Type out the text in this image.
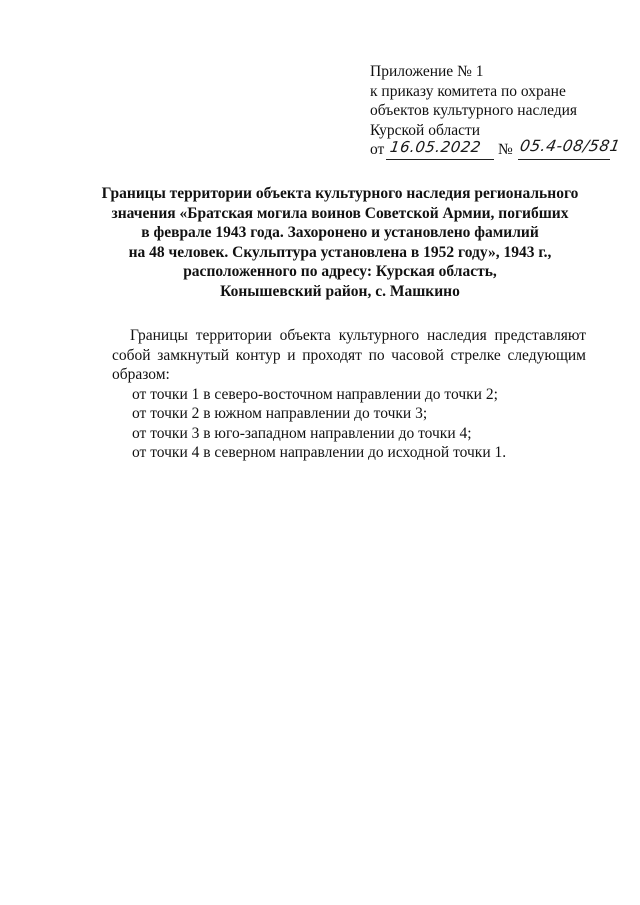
Приложение № 1
к приказу комитета по охране
объектов культурного наследия
Курской области
от 16.05.2022 № 05.4-08/581
Границы территории объекта культурного наследия регионального
значения «Братская могила воинов Советской Армии, погибших
в феврале 1943 года. Захоронено и установлено фамилий
на 48 человек. Скульптура установлена в 1952 году», 1943 г.,
расположенного по адресу: Курская область,
Конышевский район, с. Машкино

Границы территории объекта культурного наследия представляют
собой замкнутый контур и проходят по часовой стрелке следующим
образом:

от точки 1 в северо-восточном направлении до точки 2;
от точки 2 в южном направлении до точки 3;
от точки 3 в юго-западном направлении до точки 4;
от точки 4 в северном направлении до исходной точки 1.
